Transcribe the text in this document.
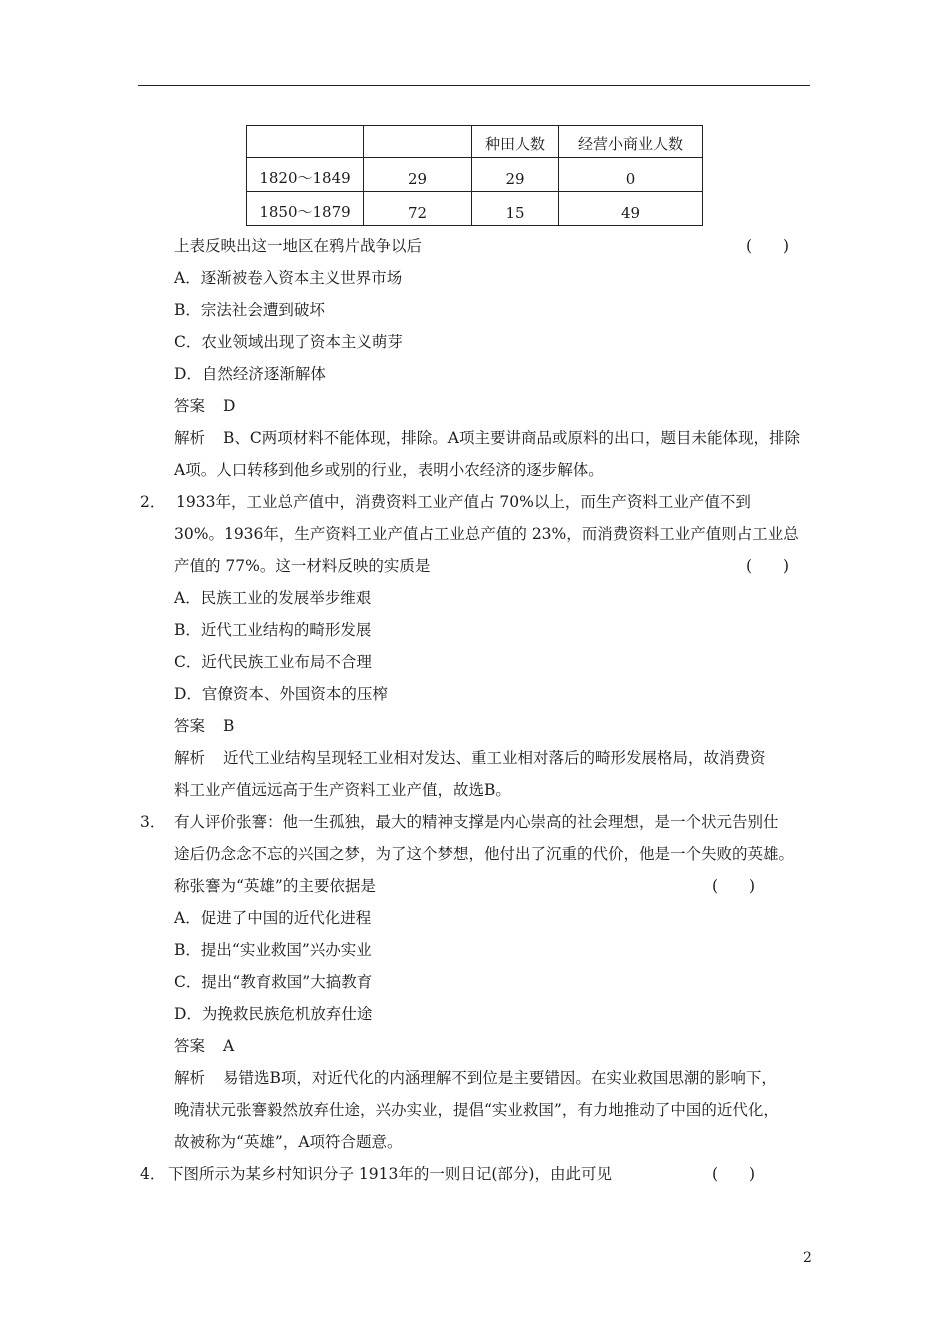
		种田人数	经营小商业人数
1820～1849	29	29	0
1850～1879	72	15	49
上表反映出这一地区在鸦片战争以后	(　　)
A．逐渐被卷入资本主义世界市场
B．宗法社会遭到破坏
C．农业领域出现了资本主义萌芽
D．自然经济逐渐解体
答案 D
解析 B、C两项材料不能体现，排除。A项主要讲商品或原料的出口，题目未能体现，排除
A项。人口转移到他乡或别的行业，表明小农经济的逐步解体。
2． 1933年，工业总产值中，消费资料工业产值占 70%以上，而生产资料工业产值不到
30%。1936年，生产资料工业产值占工业总产值的 23%，而消费资料工业产值则占工业总
产值的 77%。这一材料反映的实质是	(　　)
A．民族工业的发展举步维艰
B．近代工业结构的畸形发展
C．近代民族工业布局不合理
D．官僚资本、外国资本的压榨
答案 B
解析 近代工业结构呈现轻工业相对发达、重工业相对落后的畸形发展格局，故消费资
料工业产值远远高于生产资料工业产值，故选B。
3． 有人评价张謇：他一生孤独，最大的精神支撑是内心崇高的社会理想，是一个状元告别仕
途后仍念念不忘的兴国之梦，为了这个梦想，他付出了沉重的代价，他是一个失败的英雄。
称张謇为“英雄”的主要依据是	(　　)
A．促进了中国的近代化进程
B．提出“实业救国”兴办实业
C．提出“教育救国”大搞教育
D．为挽救民族危机放弃仕途
答案 A
解析 易错选B项，对近代化的内涵理解不到位是主要错因。在实业救国思潮的影响下，
晚清状元张謇毅然放弃仕途，兴办实业，提倡“实业救国”，有力地推动了中国的近代化，
故被称为“英雄”，A项符合题意。
4． 下图所示为某乡村知识分子 1913年的一则日记(部分)，由此可见	(　　)
2
